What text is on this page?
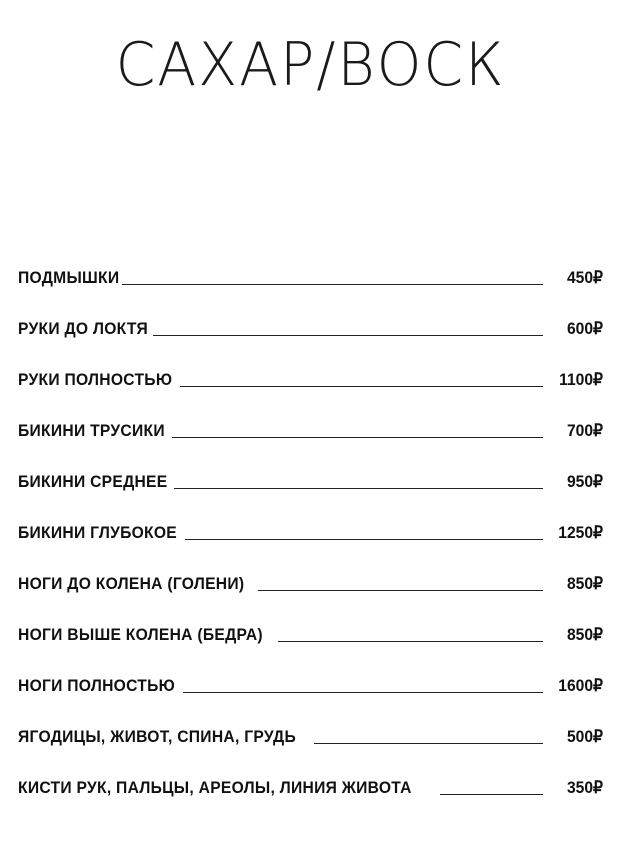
САХАР/ВОСК
ПОДМЫШКИ	450₽
РУКИ ДО ЛОКТЯ	600₽
РУКИ ПОЛНОСТЬЮ	1100₽
БИКИНИ ТРУСИКИ	700₽
БИКИНИ СРЕДНЕЕ	950₽
БИКИНИ ГЛУБОКОЕ	1250₽
НОГИ ДО КОЛЕНА (ГОЛЕНИ)	850₽
НОГИ ВЫШЕ КОЛЕНА (БЕДРА)	850₽
НОГИ ПОЛНОСТЬЮ	1600₽
ЯГОДИЦЫ, ЖИВОТ, СПИНА, ГРУДЬ	500₽
КИСТИ РУК, ПАЛЬЦЫ, АРЕОЛЫ, ЛИНИЯ ЖИВОТА	350₽
